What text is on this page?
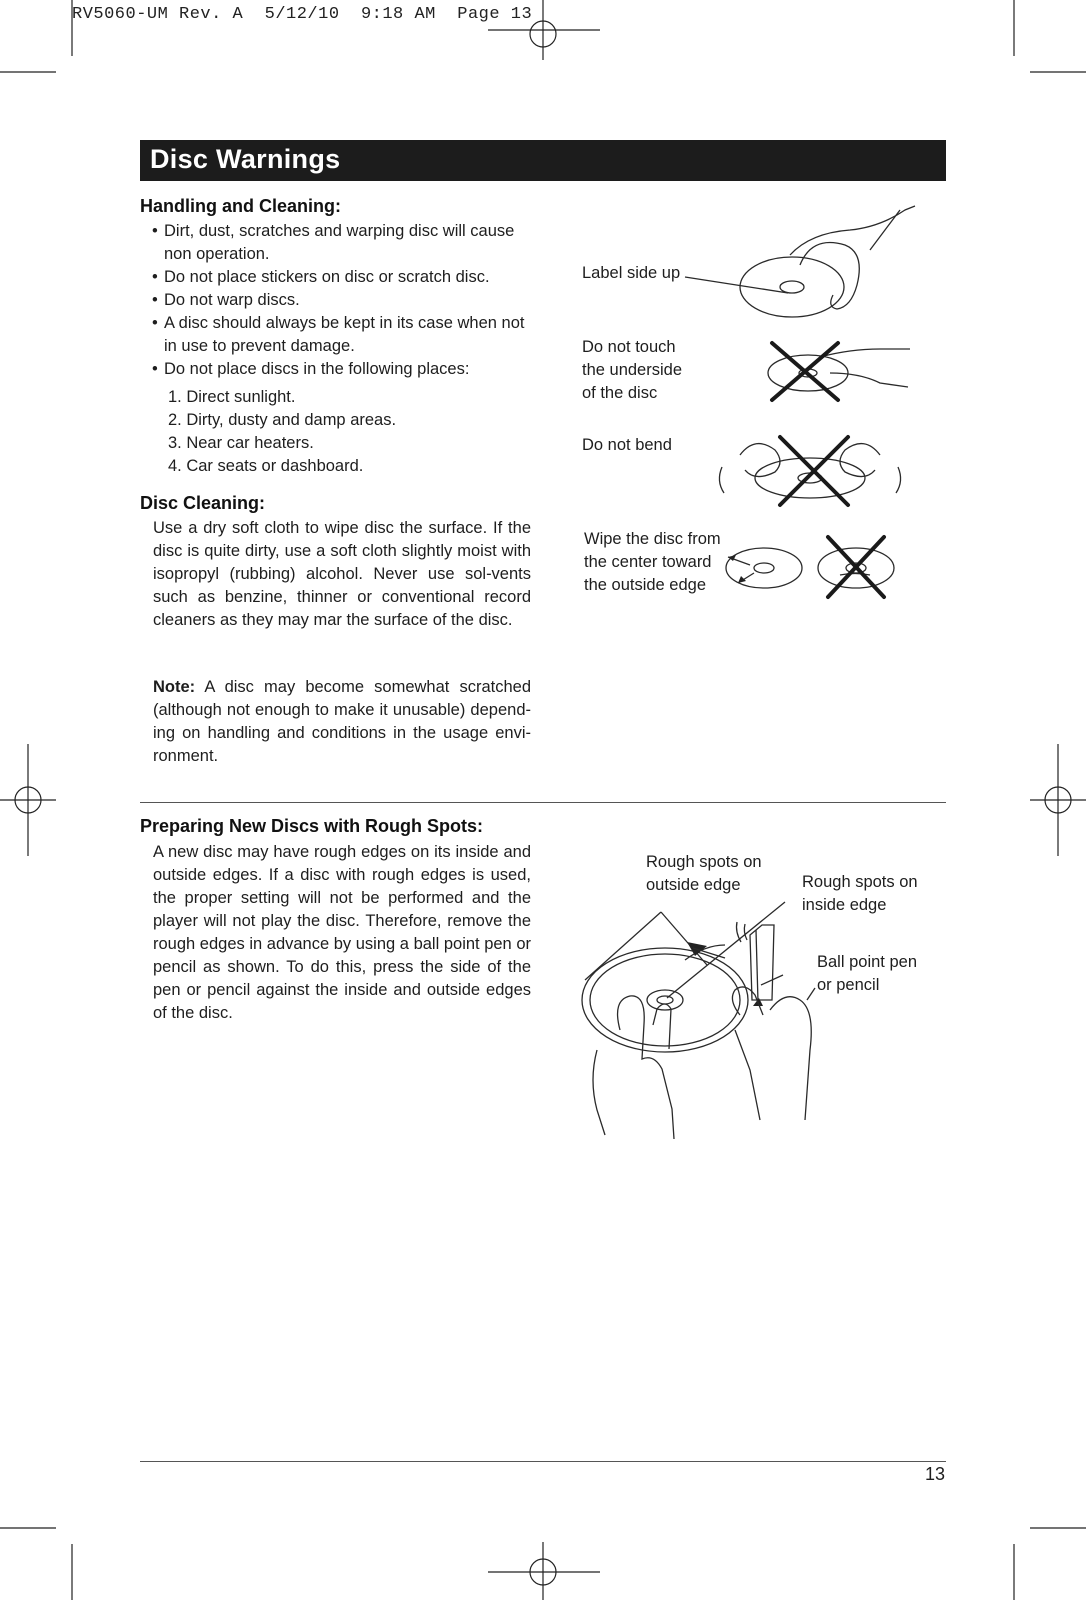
RV5060-UM Rev. A  5/12/10  9:18 AM  Page 13
Disc Warnings
Handling and Cleaning:
• Dirt, dust, scratches and warping disc will cause non operation.
• Do not place stickers on disc or scratch disc.
• Do not warp discs.
• A disc should always be kept in its case when not in use to prevent damage.
• Do not place discs in the following places:
1. Direct sunlight.
2. Dirty, dusty and damp areas.
3. Near car heaters.
4. Car seats or dashboard.
Disc Cleaning:
Use a dry soft cloth to wipe disc the surface. If the disc is quite dirty, use a soft cloth slightly moist with isopropyl (rubbing) alcohol. Never use sol-vents such as benzine, thinner or conventional record cleaners as they may mar the surface of the disc.
Note: A disc may become somewhat scratched (although not enough to make it unusable) depend-ing on handling and conditions in the usage envi-ronment.
Label side up
Do not touch
the underside
of the disc
Do not bend
Wipe the disc from
the center toward
the outside edge
Preparing New Discs with Rough Spots:
A new disc may have rough edges on its inside and outside edges. If a disc with rough edges is used, the proper setting will not be performed and the player will not play the disc. Therefore, remove the rough edges in advance by using a ball point pen or pencil as shown. To do this, press the side of the pen or pencil against the inside and outside edges of the disc.
Rough spots on
outside edge	Rough spots on
inside edge
Ball point pen
or pencil
13
